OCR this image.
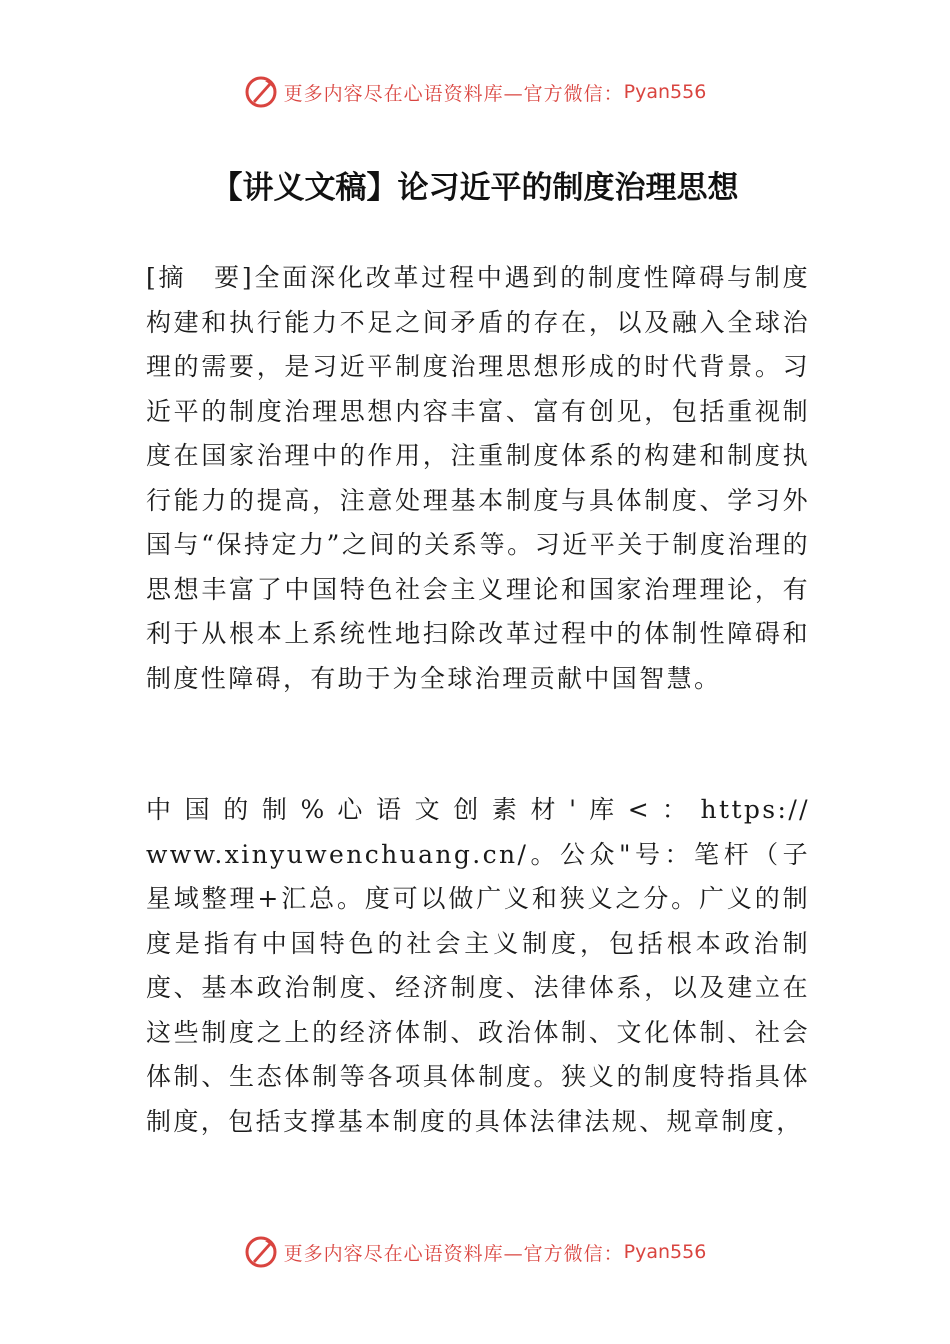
更多内容尽在心语资料库—官方微信： Pyan556
【讲义文稿】论习近平的制度治理思想

[摘　要]全面深化改革过程中遇到的制度性障碍与制度构建和执行能力不足之间矛盾的存在，以及融入全球治理的需要，是习近平制度治理思想形成的时代背景。习近平的制度治理思想内容丰富、富有创见，包括重视制度在国家治理中的作用，注重制度体系的构建和制度执行能力的提高，注意处理基本制度与具体制度、学习外国与“保持定力”之间的关系等。习近平关于制度治理的思想丰富了中国特色社会主义理论和国家治理理论，有利于从根本上系统性地扫除改革过程中的体制性障碍和制度性障碍，有助于为全球治理贡献中国智慧。

中 国 的 制 % 心 语 文 创 素 材 ' 库 < ： https://www.xinyuwenchuang.cn/。公众"号：笔杆（子星域整理+汇总。度可以做广义和狭义之分。广义的制度是指有中国特色的社会主义制度，包括根本政治制度、基本政治制度、经济制度、法律体系，以及建立在这些制度之上的经济体制、政治体制、文化体制、社会体制、生态体制等各项具体制度。狭义的制度特指具体制度，包括支撑基本制度的具体法律法规、规章制度，

更多内容尽在心语资料库—官方微信： Pyan556
